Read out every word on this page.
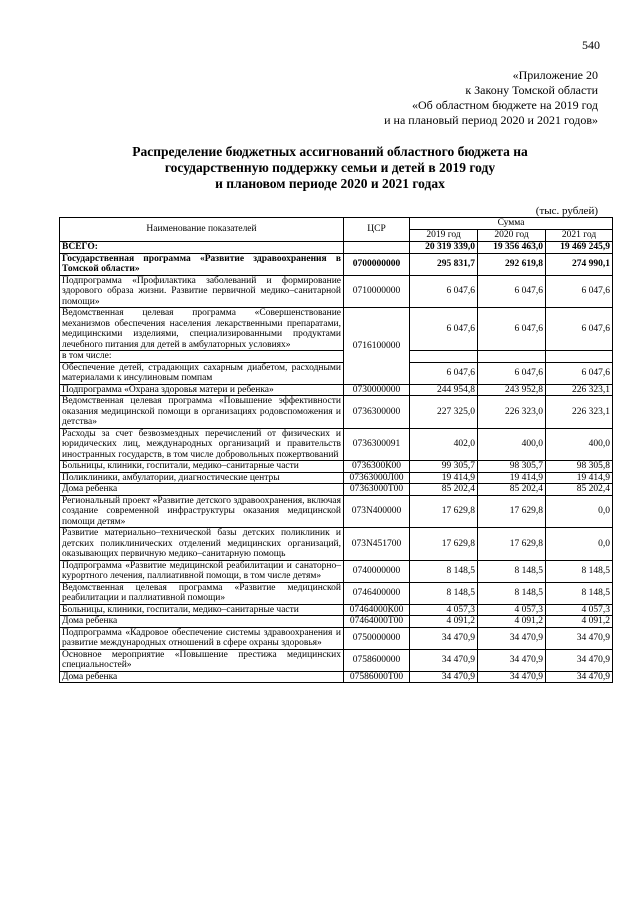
540
«Приложение 20
к Закону Томской области
«Об областном бюджете на 2019 год
и на плановый период 2020 и 2021 годов»
Распределение бюджетных ассигнований областного бюджета на
государственную поддержку семьи и детей в 2019 году
и плановом периоде 2020 и 2021 годах
(тыс. рублей)
Наименование показателей	ЦСР	Сумма		
		2019 год	2020 год	2021 год
ВСЕГО:		20 319 339,0	19 356 463,0	19 469 245,9
Государственная программа «Развитие здравоохранения в Томской области»	0700000000	295 831,7	292 619,8	274 990,1
Подпрограмма «Профилактика заболеваний и формирование здорового образа жизни. Развитие первичной медико–санитарной помощи»	0710000000	6 047,6	6 047,6	6 047,6
Ведомственная целевая программа «Совершенствование механизмов обеспечения населения лекарственными препаратами, медицинскими изделиями, специализированными продуктами лечебного питания для детей в амбулаторных условиях»	0716100000	6 047,6	6 047,6	6 047,6
в том числе:				
Обеспечение детей, страдающих сахарным диабетом, расходными материалами к инсулиновым помпам		6 047,6	6 047,6	6 047,6
Подпрограмма «Охрана здоровья матери и ребенка»	0730000000	244 954,8	243 952,8	226 323,1
Ведомственная целевая программа «Повышение эффективности оказания медицинской помощи в организациях родовспоможения и детства»	0736300000	227 325,0	226 323,0	226 323,1
Расходы за счет безвозмездных перечислений от физических и юридических лиц, международных организаций и правительств иностранных государств, в том числе добровольных пожертвований	0736300091	402,0	400,0	400,0
Больницы, клиники, госпитали, медико–санитарные части	0736300К00	99 305,7	98 305,7	98 305,8
Поликлиники, амбулатории, диагностические центры	07363000Л00	19 414,9	19 414,9	19 414,9
Дома ребенка	07363000Т00	85 202,4	85 202,4	85 202,4
Региональный проект «Развитие детского здравоохранения, включая создание современной инфраструктуры оказания медицинской помощи детям»	073N400000	17 629,8	17 629,8	0,0
Развитие материально–технической базы детских поликлиник и детских поликлинических отделений медицинских организаций, оказывающих первичную медико–санитарную помощь	073N451700	17 629,8	17 629,8	0,0
Подпрограмма «Развитие медицинской реабилитации и санаторно–курортного лечения, паллиативной помощи, в том числе детям»	0740000000	8 148,5	8 148,5	8 148,5
Ведомственная целевая программа «Развитие медицинской реабилитации и паллиативной помощи»	0746400000	8 148,5	8 148,5	8 148,5
Больницы, клиники, госпитали, медико–санитарные части	07464000К00	4 057,3	4 057,3	4 057,3
Дома ребенка	07464000Т00	4 091,2	4 091,2	4 091,2
Подпрограмма «Кадровое обеспечение системы здравоохранения и развитие международных отношений в сфере охраны здоровья»	0750000000	34 470,9	34 470,9	34 470,9
Основное мероприятие «Повышение престижа медицинских специальностей»	0758600000	34 470,9	34 470,9	34 470,9
Дома ребенка	07586000Т00	34 470,9	34 470,9	34 470,9
